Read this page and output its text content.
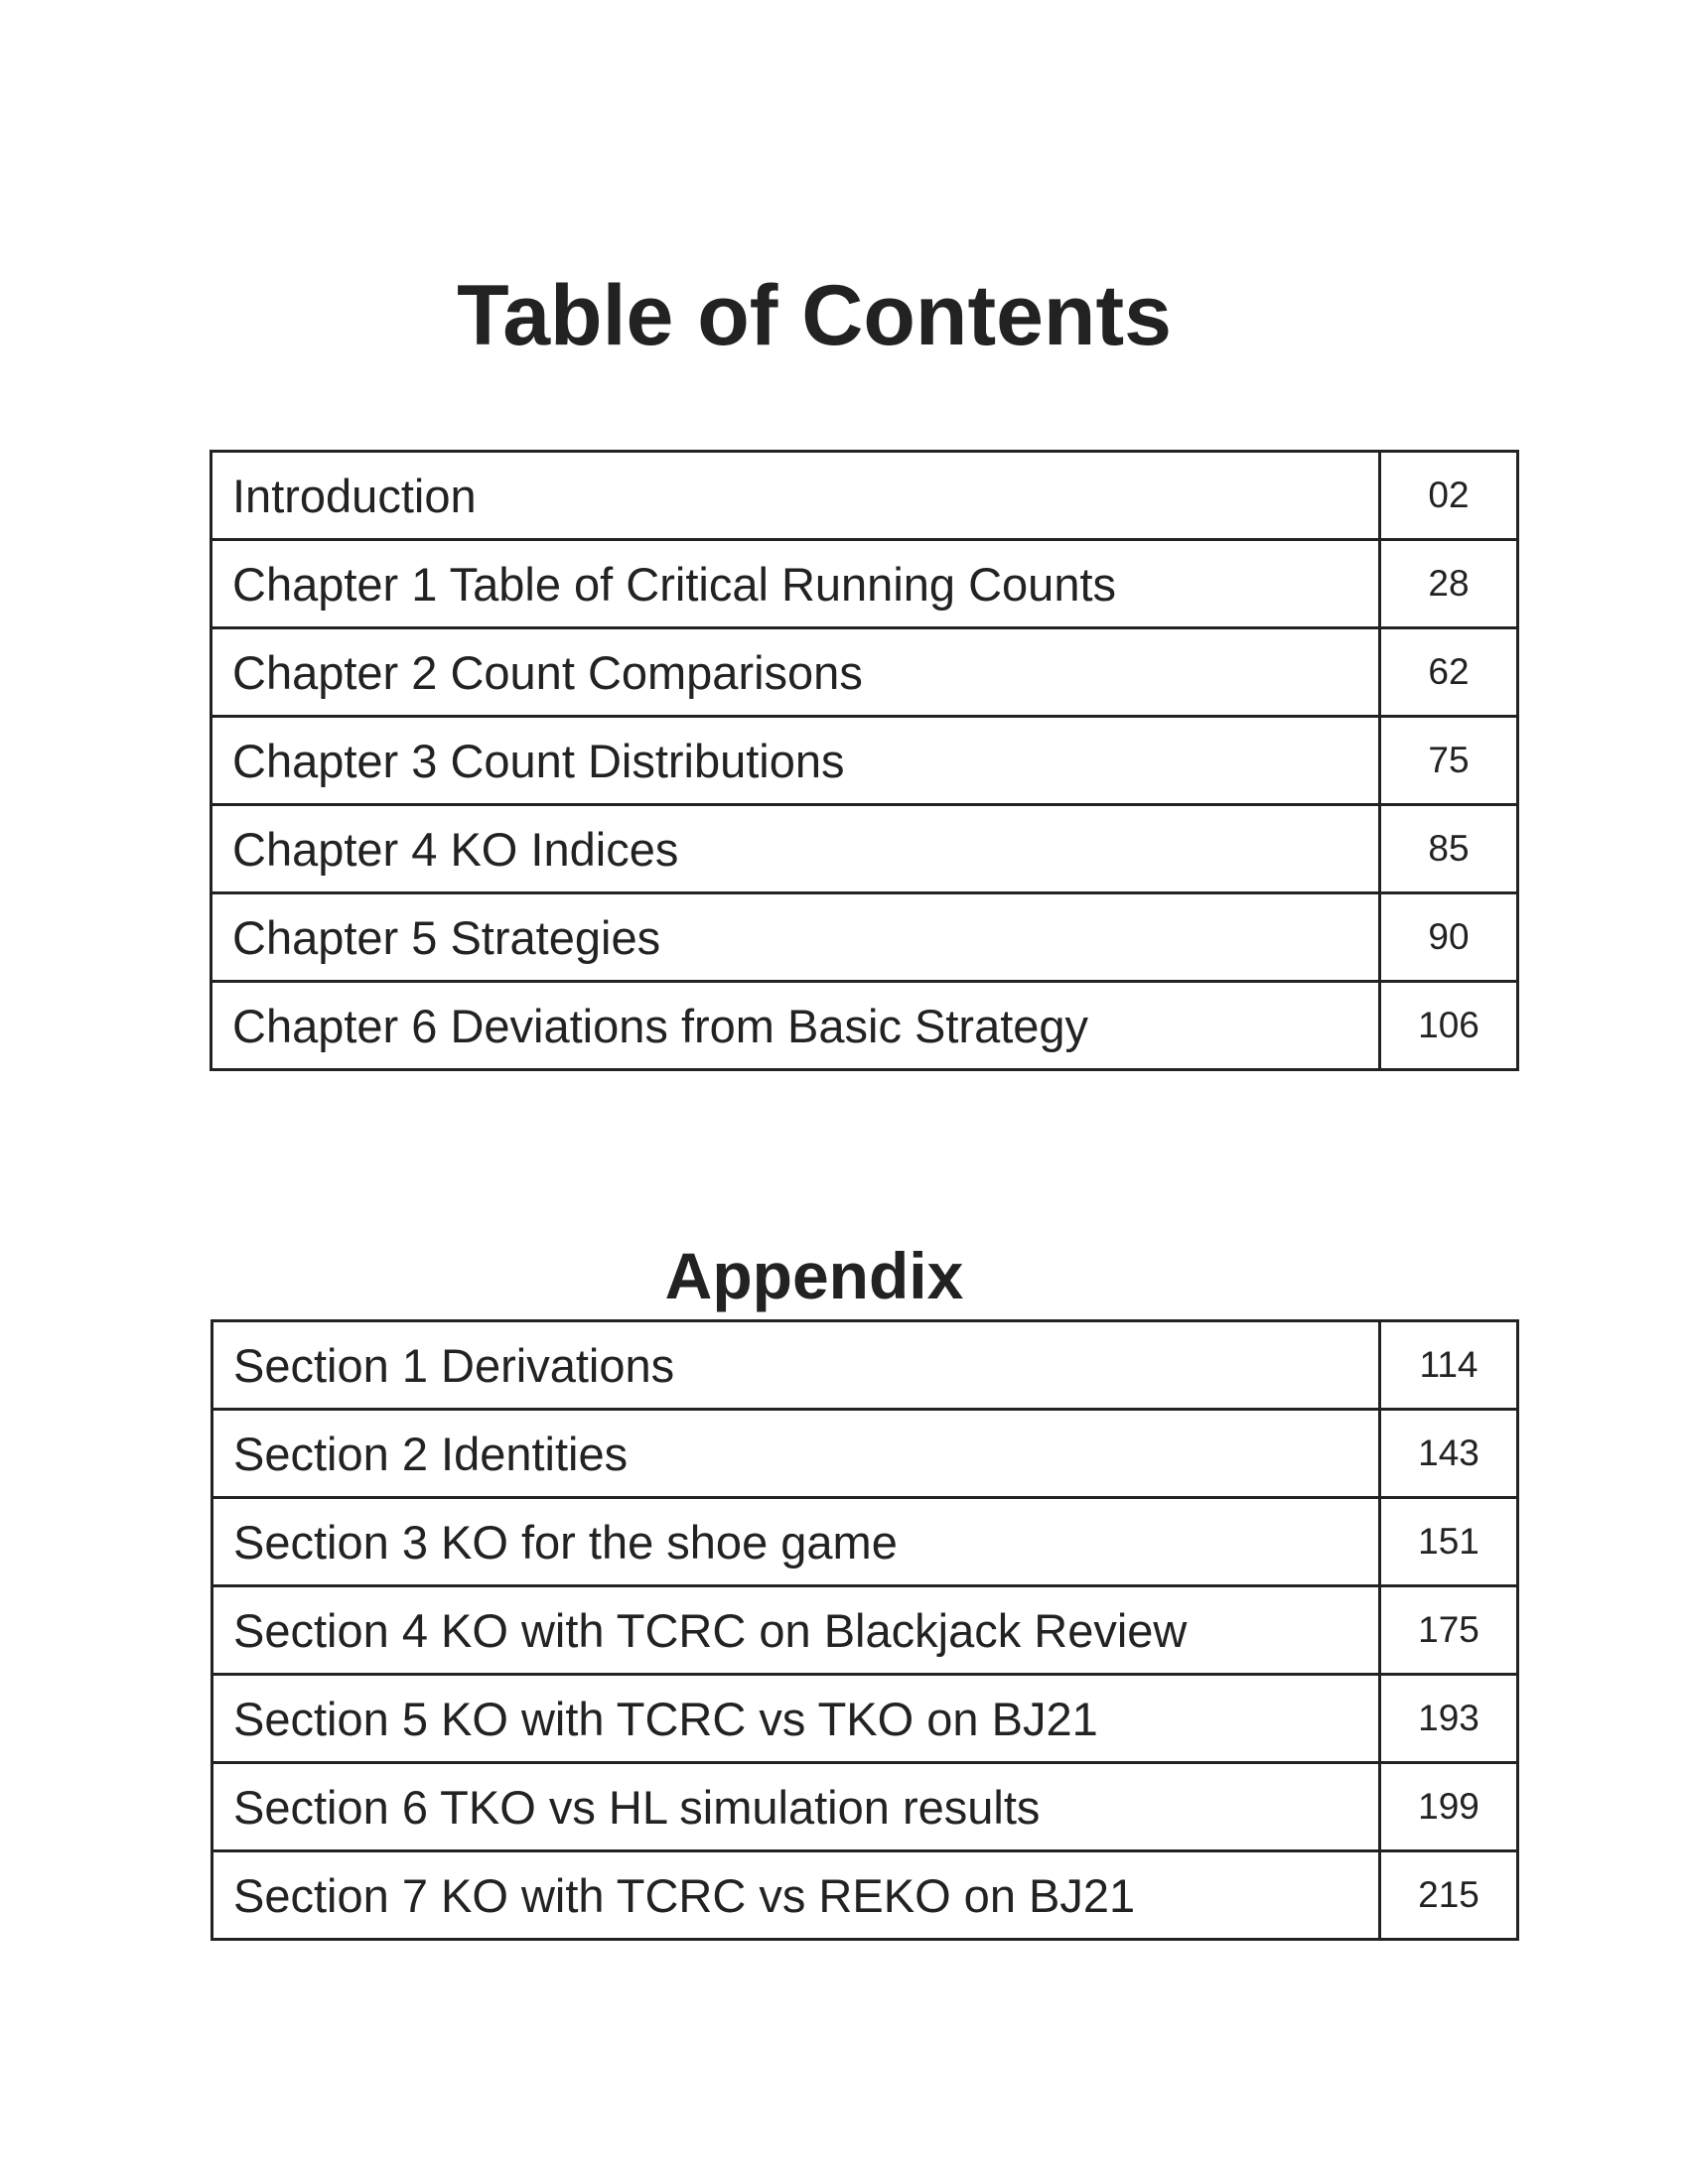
Table of Contents
Introduction	02
Chapter 1 Table of Critical Running Counts	28
Chapter 2 Count Comparisons	62
Chapter 3 Count Distributions	75
Chapter 4 KO Indices	85
Chapter 5 Strategies	90
Chapter 6 Deviations from Basic Strategy	106
Appendix
Section 1 Derivations	114
Section 2 Identities	143
Section 3 KO for the shoe game	151
Section 4 KO with TCRC on Blackjack Review	175
Section 5 KO with TCRC vs TKO on BJ21	193
Section 6 TKO vs HL simulation results	199
Section 7 KO with TCRC vs REKO on BJ21	215
